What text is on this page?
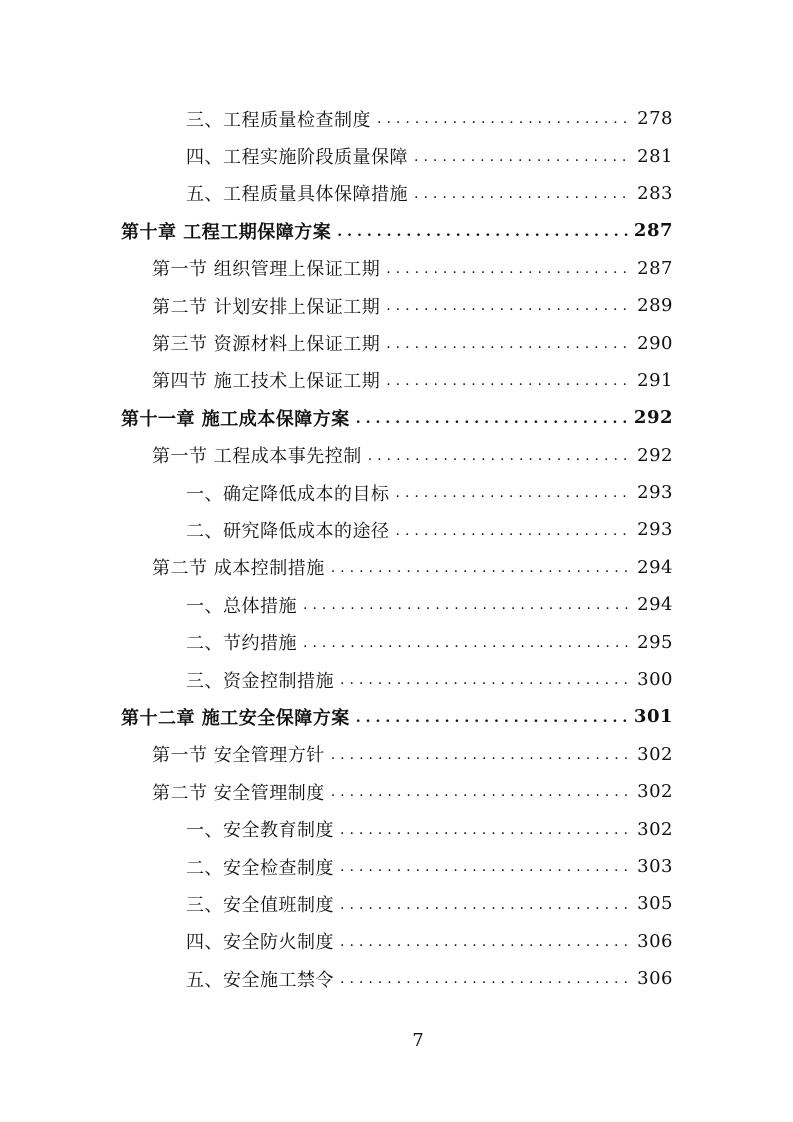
三、工程质量检查制度 .....	278
四、工程实施阶段质量保障 .....	281
五、工程质量具体保障措施 .....	283
第十章 工程工期保障方案 .....	287
第一节 组织管理上保证工期 .....	287
第二节 计划安排上保证工期 .....	289
第三节 资源材料上保证工期 .....	290
第四节 施工技术上保证工期 .....	291
第十一章 施工成本保障方案 .....	292
第一节 工程成本事先控制 .....	292
一、确定降低成本的目标 .....	293
二、研究降低成本的途径 .....	293
第二节 成本控制措施 .....	294
一、总体措施 .....	294
二、节约措施 .....	295
三、资金控制措施 .....	300
第十二章 施工安全保障方案 .....	301
第一节 安全管理方针 .....	302
第二节 安全管理制度 .....	302
一、安全教育制度 .....	302
二、安全检查制度 .....	303
三、安全值班制度 .....	305
四、安全防火制度 .....	306
五、安全施工禁令 .....	306
7
